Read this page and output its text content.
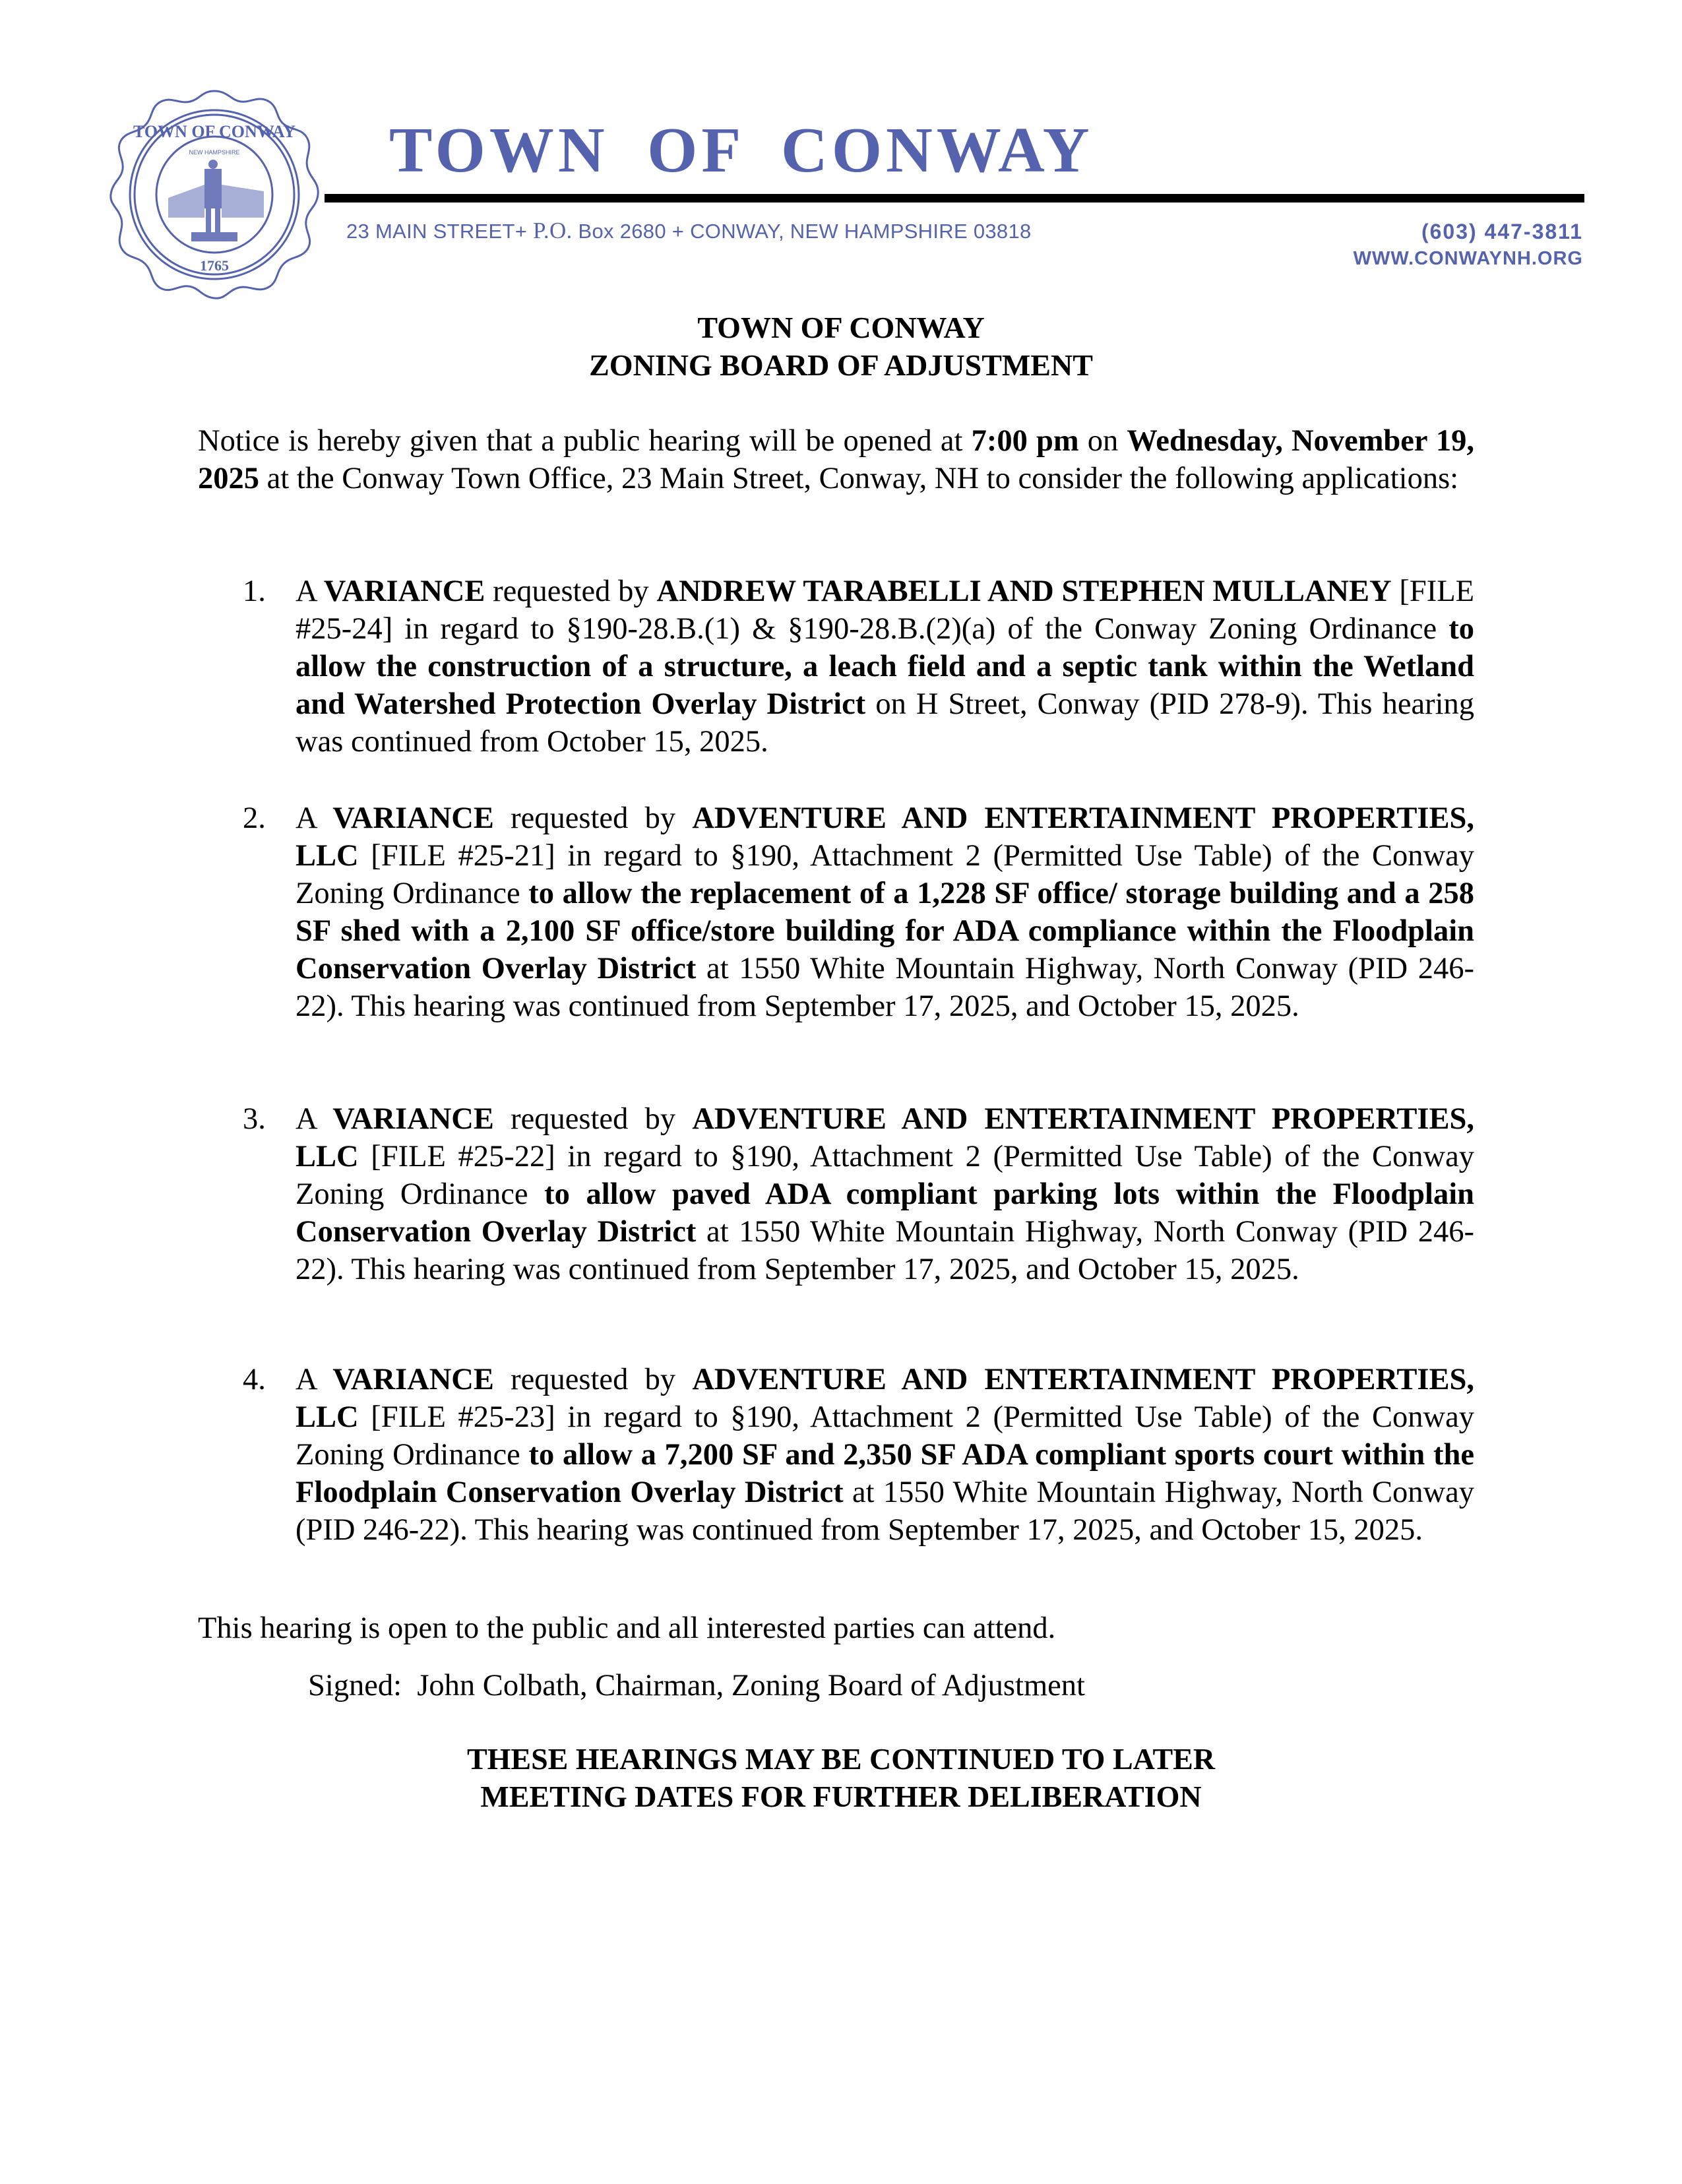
TOWN OF CONWAY
NEW HAMPSHIRE
1765
TOWN OF CONWAY
23 MAIN STREET+ P.O. Box 2680 + CONWAY, NEW HAMPSHIRE 03818	(603) 447-3811
WWW.CONWAYNH.ORG
TOWN OF CONWAY
ZONING BOARD OF ADJUSTMENT
Notice is hereby given that a public hearing will be opened at 7:00 pm on Wednesday, November 19, 2025 at the Conway Town Office, 23 Main Street, Conway, NH to consider the following applications:
1. A VARIANCE requested by ANDREW TARABELLI AND STEPHEN MULLANEY [FILE #25-24] in regard to §190-28.B.(1) & §190-28.B.(2)(a) of the Conway Zoning Ordinance to allow the construction of a structure, a leach field and a septic tank within the Wetland and Watershed Protection Overlay District on H Street, Conway (PID 278-9). This hearing was continued from October 15, 2025.
2. A VARIANCE requested by ADVENTURE AND ENTERTAINMENT PROPERTIES, LLC [FILE #25-21] in regard to §190, Attachment 2 (Permitted Use Table) of the Conway Zoning Ordinance to allow the replacement of a 1,228 SF office/ storage building and a 258 SF shed with a 2,100 SF office/store building for ADA compliance within the Floodplain Conservation Overlay District at 1550 White Mountain Highway, North Conway (PID 246-22). This hearing was continued from September 17, 2025, and October 15, 2025.
3. A VARIANCE requested by ADVENTURE AND ENTERTAINMENT PROPERTIES, LLC [FILE #25-22] in regard to §190, Attachment 2 (Permitted Use Table) of the Conway Zoning Ordinance to allow paved ADA compliant parking lots within the Floodplain Conservation Overlay District at 1550 White Mountain Highway, North Conway (PID 246-22). This hearing was continued from September 17, 2025, and October 15, 2025.
4. A VARIANCE requested by ADVENTURE AND ENTERTAINMENT PROPERTIES, LLC [FILE #25-23] in regard to §190, Attachment 2 (Permitted Use Table) of the Conway Zoning Ordinance to allow a 7,200 SF and 2,350 SF ADA compliant sports court within the Floodplain Conservation Overlay District at 1550 White Mountain Highway, North Conway (PID 246-22). This hearing was continued from September 17, 2025, and October 15, 2025.
This hearing is open to the public and all interested parties can attend.
Signed:  John Colbath, Chairman, Zoning Board of Adjustment
THESE HEARINGS MAY BE CONTINUED TO LATER
MEETING DATES FOR FURTHER DELIBERATION
